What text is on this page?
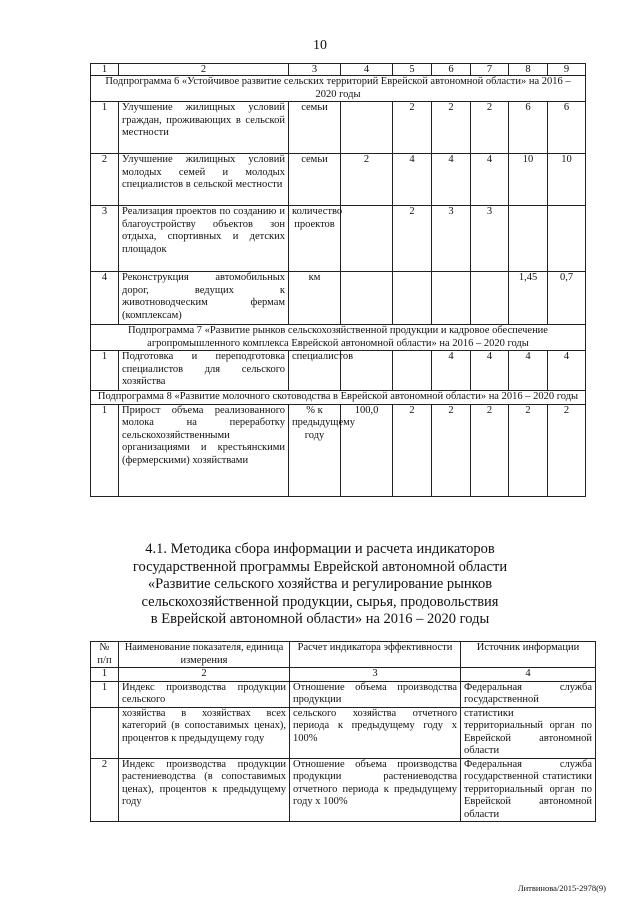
10
1	2	3	4	5	6	7	8	9
Подпрограмма 6 «Устойчивое развитие сельских территорий Еврейской автономной области» на 2016 – 2020 годы								
1	Улучшение жилищных условий граждан, проживающих в сельской местности	семьи		2	2	2	6	6
2	Улучшение жилищных условий молодых семей и молодых специалистов в сельской местности	семьи	2	4	4	4	10	10
3	Реализация проектов по созданию и благоустройству объектов зон отдыха, спортивных и детских площадок	количество проектов		2	3	3		
4	Реконструкция автомобильных дорог, ведущих к животноводческим фермам (комплексам)	км					1,45	0,7
Подпрограмма 7 «Развитие рынков сельскохозяйственной продукции и кадровое обеспечение агропромышленного комплекса Еврейской автономной области» на 2016 – 2020 годы								
1	Подготовка и переподготовка специалистов для сельского хозяйства	специалистов			4	4	4	4
Подпрограмма 8 «Развитие молочного скотоводства в Еврейской автономной области» на 2016 – 2020 годы								
1	Прирост объема реализованного молока на переработку сельскохозяйственными организациями и крестьянскими (фермерскими) хозяйствами	% к предыдущему году	100,0	2	2	2	2	2
4.1. Методика сбора информации и расчета индикаторов
государственной программы Еврейской автономной области
«Развитие сельского хозяйства и регулирование рынков
сельскохозяйственной продукции, сырья, продовольствия
в Еврейской автономной области» на 2016 – 2020 годы
№ п/п	Наименование показателя, единица измерения	Расчет индикатора эффективности	Источник информации
1	2	3	4
1	Индекс производства продукции сельского	Отношение объема производства продукции	Федеральная служба государственной
	хозяйства в хозяйствах всех категорий (в сопоставимых ценах), процентов к предыдущему году	сельского хозяйства отчетного периода к предыдущему году х 100%	статистики территориальный орган по Еврейской автономной области
2	Индекс производства продукции растениеводства (в сопоставимых ценах), процентов к предыдущему году	Отношение объема производства продукции растениеводства отчетного периода к предыдущему году х 100%	Федеральная служба государственной статистики территориальный орган по Еврейской автономной области
Литвинова/2015-2978(9)
